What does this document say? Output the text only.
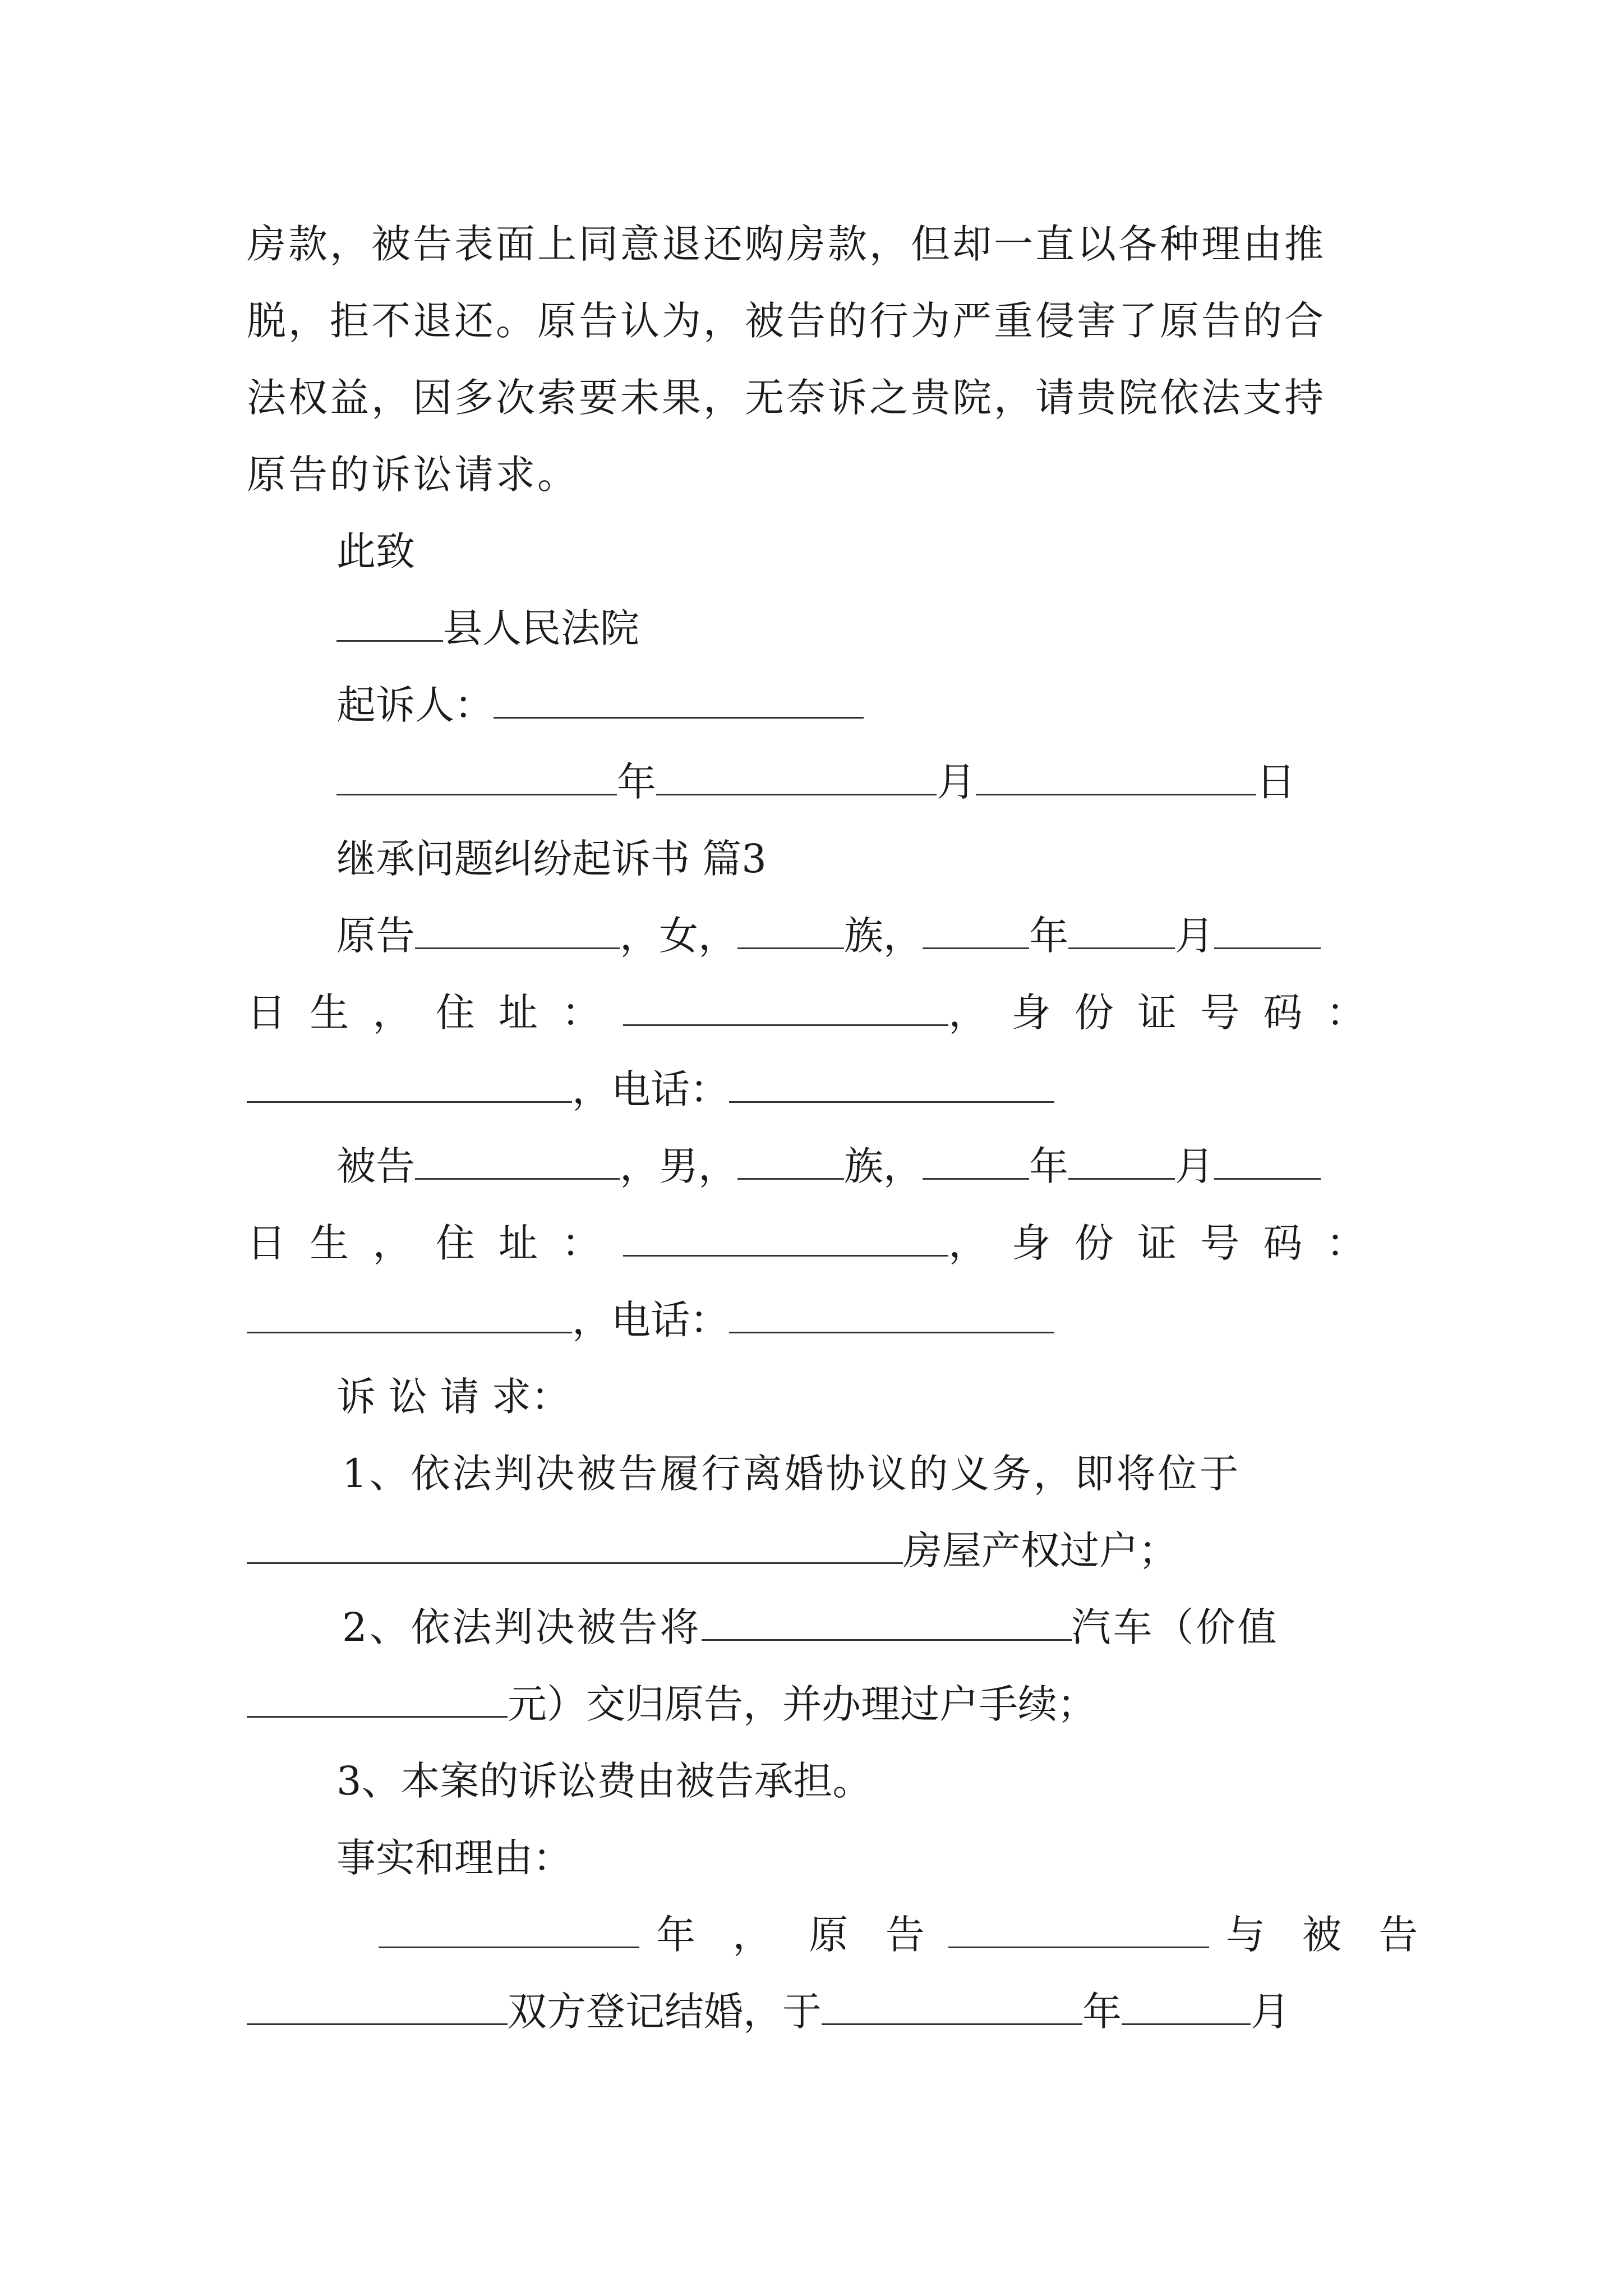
房款，被告表面上同意退还购房款，但却一直以各种理由推
脱，拒不退还。原告认为，被告的行为严重侵害了原告的合
法权益，因多次索要未果，无奈诉之贵院，请贵院依法支持
原告的诉讼请求。
此致
县人民法院
起诉人：
年	月	日
继承问题纠纷起诉书 篇3
原告	，女，	族，	年	月
日 生 ， 住 址 ：	， 身 份 证 号 码 ：
，电话：
被告	，男，	族，	年	月
日 生 ， 住 址 ：	， 身 份 证 号 码 ：
，电话：
诉 讼 请 求：
1、依法判决被告履行离婚协议的义务，即将位于
房屋产权过户；
2、依法判决被告将	汽车（价值
元）交归原告，并办理过户手续；
3、本案的诉讼费由被告承担。
事实和理由：
年 ， 原 告	与 被 告
双方登记结婚，于	年	月
